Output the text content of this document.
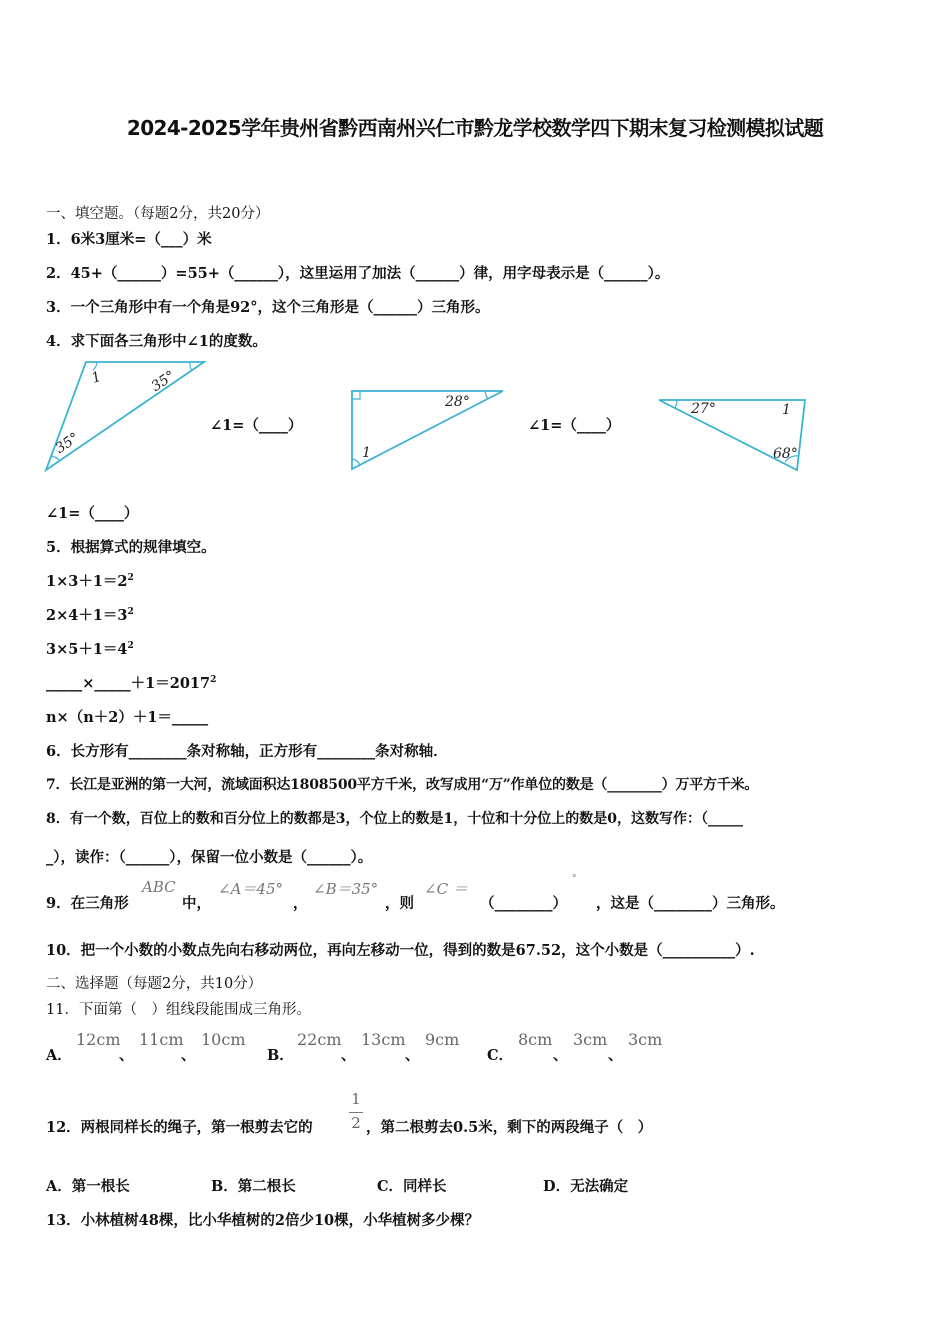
2024-2025学年贵州省黔西南州兴仁市黔龙学校数学四下期末复习检测模拟试题
一、填空题。（每题2分，共20分）
1．6米3厘米=（___）米
2．45+（______）=55+（______），这里运用了加法（______）律，用字母表示是（______）。
3．一个三角形中有一个角是92°，这个三角形是（______）三角形。
4．求下面各三角形中∠1的度数。
1	35°
35°
∠1=（____）
28°
1
∠1=（____）
27°	1
68°
∠1=（____）
5．根据算式的规律填空。
$1\times 3+1=2^2$
$2\times 4+1=3^2$
$3\times 5+1=4^2$
$\_\_\_\_\_\times\_\_\_\_\_+1=2017^2$
n×（n＋2）＋1＝_____
6．长方形有________条对称轴，正方形有________条对称轴．
7．长江是亚洲的第一大河，流域面积达1808500平方千米，改写成用“万”作单位的数是（________）万平方千米。
8．有一个数，百位上的数和百分位上的数都是3，个位上的数是1，十位和十分位上的数是0，这数写作：（_____
_），读作：（______），保留一位小数是（______）。
9．在三角形
ABC
中，
∠A＝45°
，
∠B＝35°
，则
∠C ＝
°
（________） ，这是（________）三角形。
10．把一个小数的小数点先向右移动两位，再向左移动一位，得到的数是67.52，这个小数是（__________）.
二、选择题（每题2分，共10分）
11．下面第（　）组线段能围成三角形。
A．
12cm
、
11cm
、
10cm
B．
22cm
、
13cm
、
9cm
C．
8cm
、
3cm
、
3cm
12．两根同样长的绳子，第一根剪去它的
1
2 ，第二根剪去0.5米，剩下的两段绳子（　）
A．第一根长	B．第二根长	C．同样长	D．无法确定
13．小林植树48棵，比小华植树的2倍少10棵，小华植树多少棵？
